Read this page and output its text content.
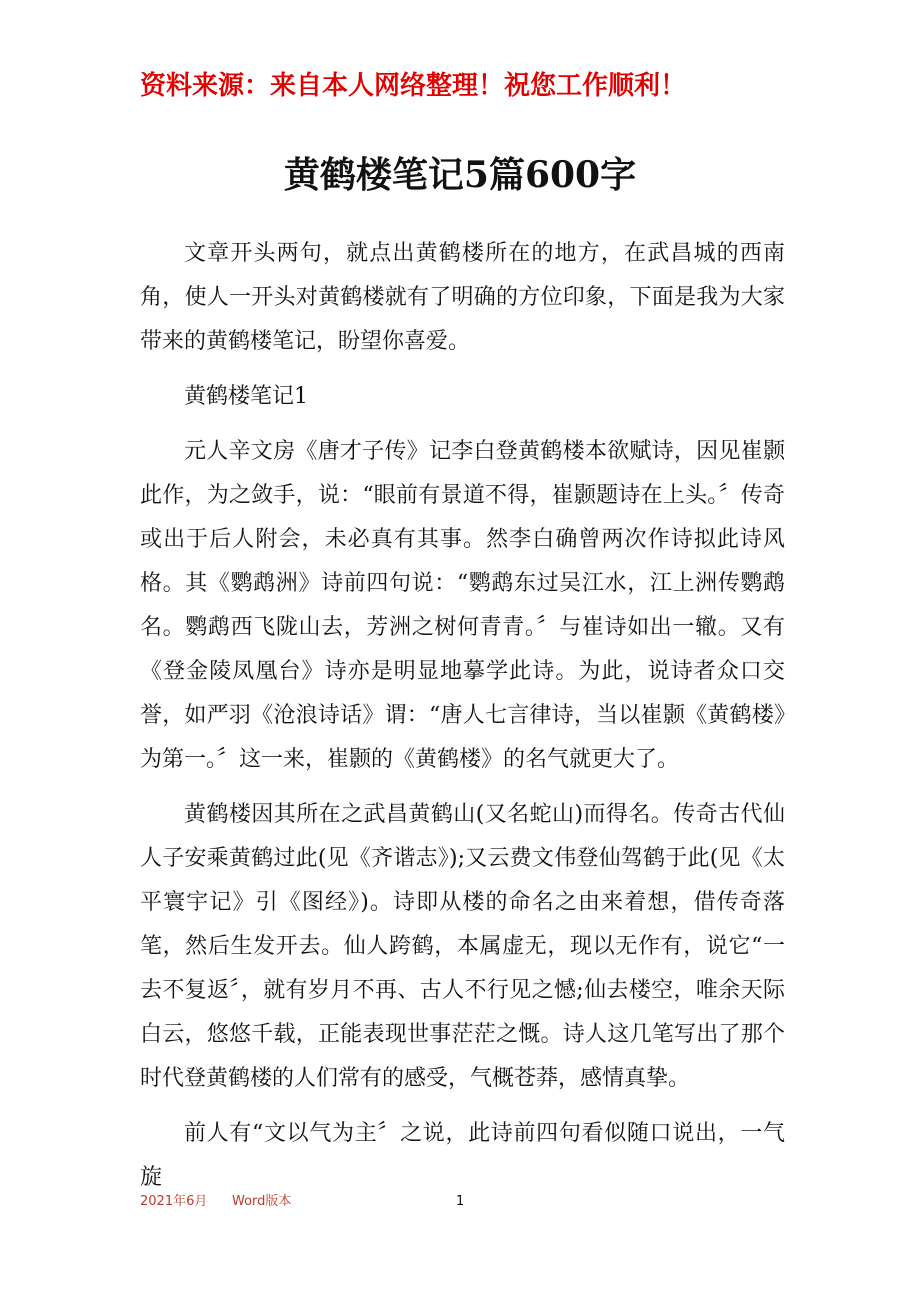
资料来源：来自本人网络整理！祝您工作顺利！
黄鹤楼笔记5篇600字

文章开头两句，就点出黄鹤楼所在的地方，在武昌城的西南角，使人一开头对黄鹤楼就有了明确的方位印象，下面是我为大家带来的黄鹤楼笔记，盼望你喜爱。

黄鹤楼笔记1

元人辛文房《唐才子传》记李白登黄鹤楼本欲赋诗，因见崔颢此作，为之敛手，说：“眼前有景道不得，崔颢题诗在上头。〞传奇或出于后人附会，未必真有其事。然李白确曾两次作诗拟此诗风格。其《鹦鹉洲》诗前四句说：“鹦鹉东过吴江水，江上洲传鹦鹉名。鹦鹉西飞陇山去，芳洲之树何青青。〞与崔诗如出一辙。又有《登金陵凤凰台》诗亦是明显地摹学此诗。为此，说诗者众口交誉，如严羽《沧浪诗话》谓：“唐人七言律诗，当以崔颢《黄鹤楼》为第一。〞这一来，崔颢的《黄鹤楼》的名气就更大了。

黄鹤楼因其所在之武昌黄鹤山(又名蛇山)而得名。传奇古代仙人子安乘黄鹤过此(见《齐谐志》);又云费文伟登仙驾鹤于此(见《太平寰宇记》引《图经》)。诗即从楼的命名之由来着想，借传奇落笔，然后生发开去。仙人跨鹤，本属虚无，现以无作有，说它“一去不复返〞，就有岁月不再、古人不行见之憾;仙去楼空，唯余天际白云，悠悠千载，正能表现世事茫茫之慨。诗人这几笔写出了那个时代登黄鹤楼的人们常有的感受，气概苍莽，感情真挚。

前人有“文以气为主〞之说，此诗前四句看似随口说出，一气旋

2021年6月 Word版本	1
